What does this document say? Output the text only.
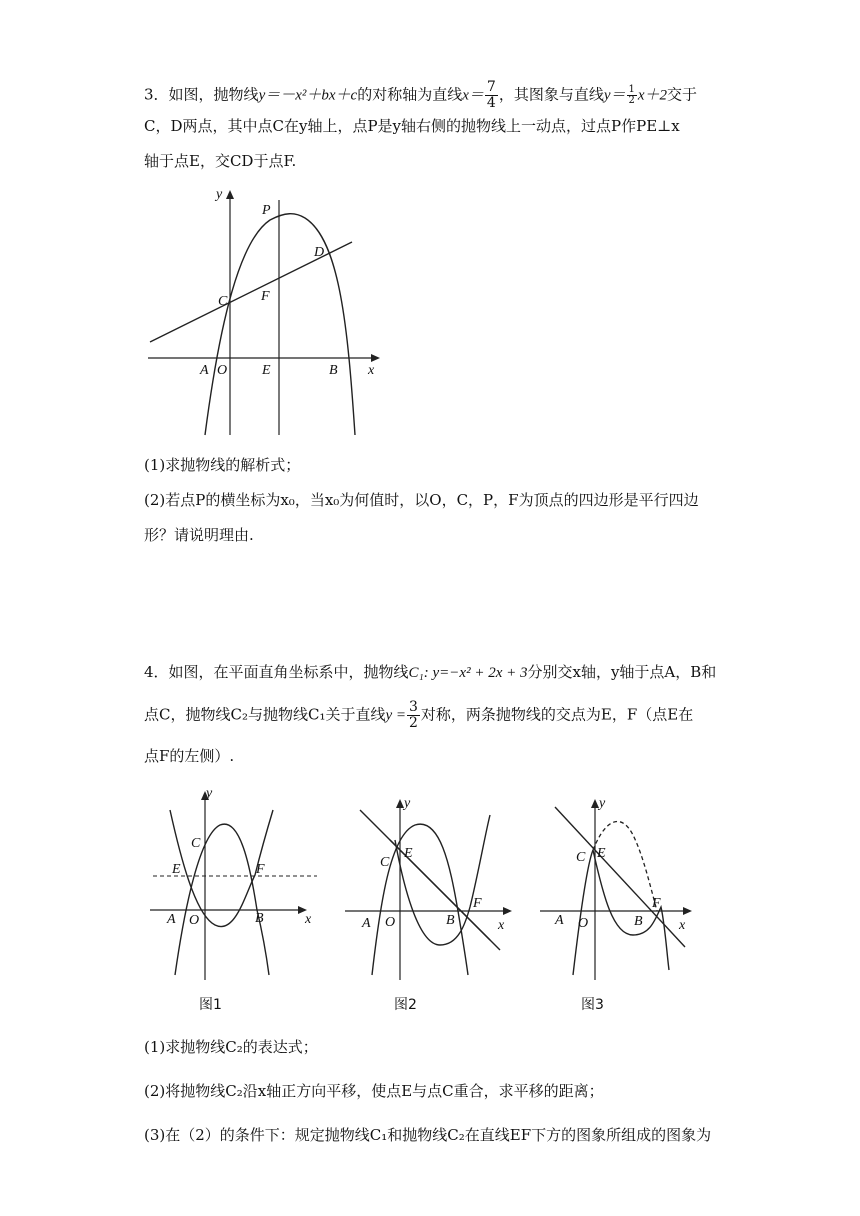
3．如图，抛物线y＝－x²＋bx＋c的对称轴为直线$x= \frac{7}{4}$ ，其图象与直线$y= \frac{1}{2} x+2$交于
C，D两点，其中点C在y轴上，点P是y轴右侧的抛物线上一动点，过点P作PE⊥x
轴于点E，交CD于点F.
y
x
P
D
C F
A O E	B
(1)求抛物线的解析式；
(2)若点P的横坐标为x₀，当x₀为何值时，以O，C，P，F为顶点的四边形是平行四边
形？请说明理由.
4．如图，在平面直角坐标系中，抛物线C₁: y=−x² + 2x + 3分别交x轴，y轴于点A，B和
点C，抛物线C₂与抛物线C₁关于直线$y = \frac{3}{2}$ 对称，两条抛物线的交点为E，F（点E在
点F的左侧）.
y
x
C
E	F
A O	B
图1
y
x
C
E
F
A O	B
图2
y
x
C E
F
A O	B
图3
(1)求抛物线C₂的表达式；
(2)将抛物线C₂沿x轴正方向平移，使点E与点C重合，求平移的距离；
(3)在（2）的条件下：规定抛物线C₁和抛物线C₂在直线EF下方的图象所组成的图象为
